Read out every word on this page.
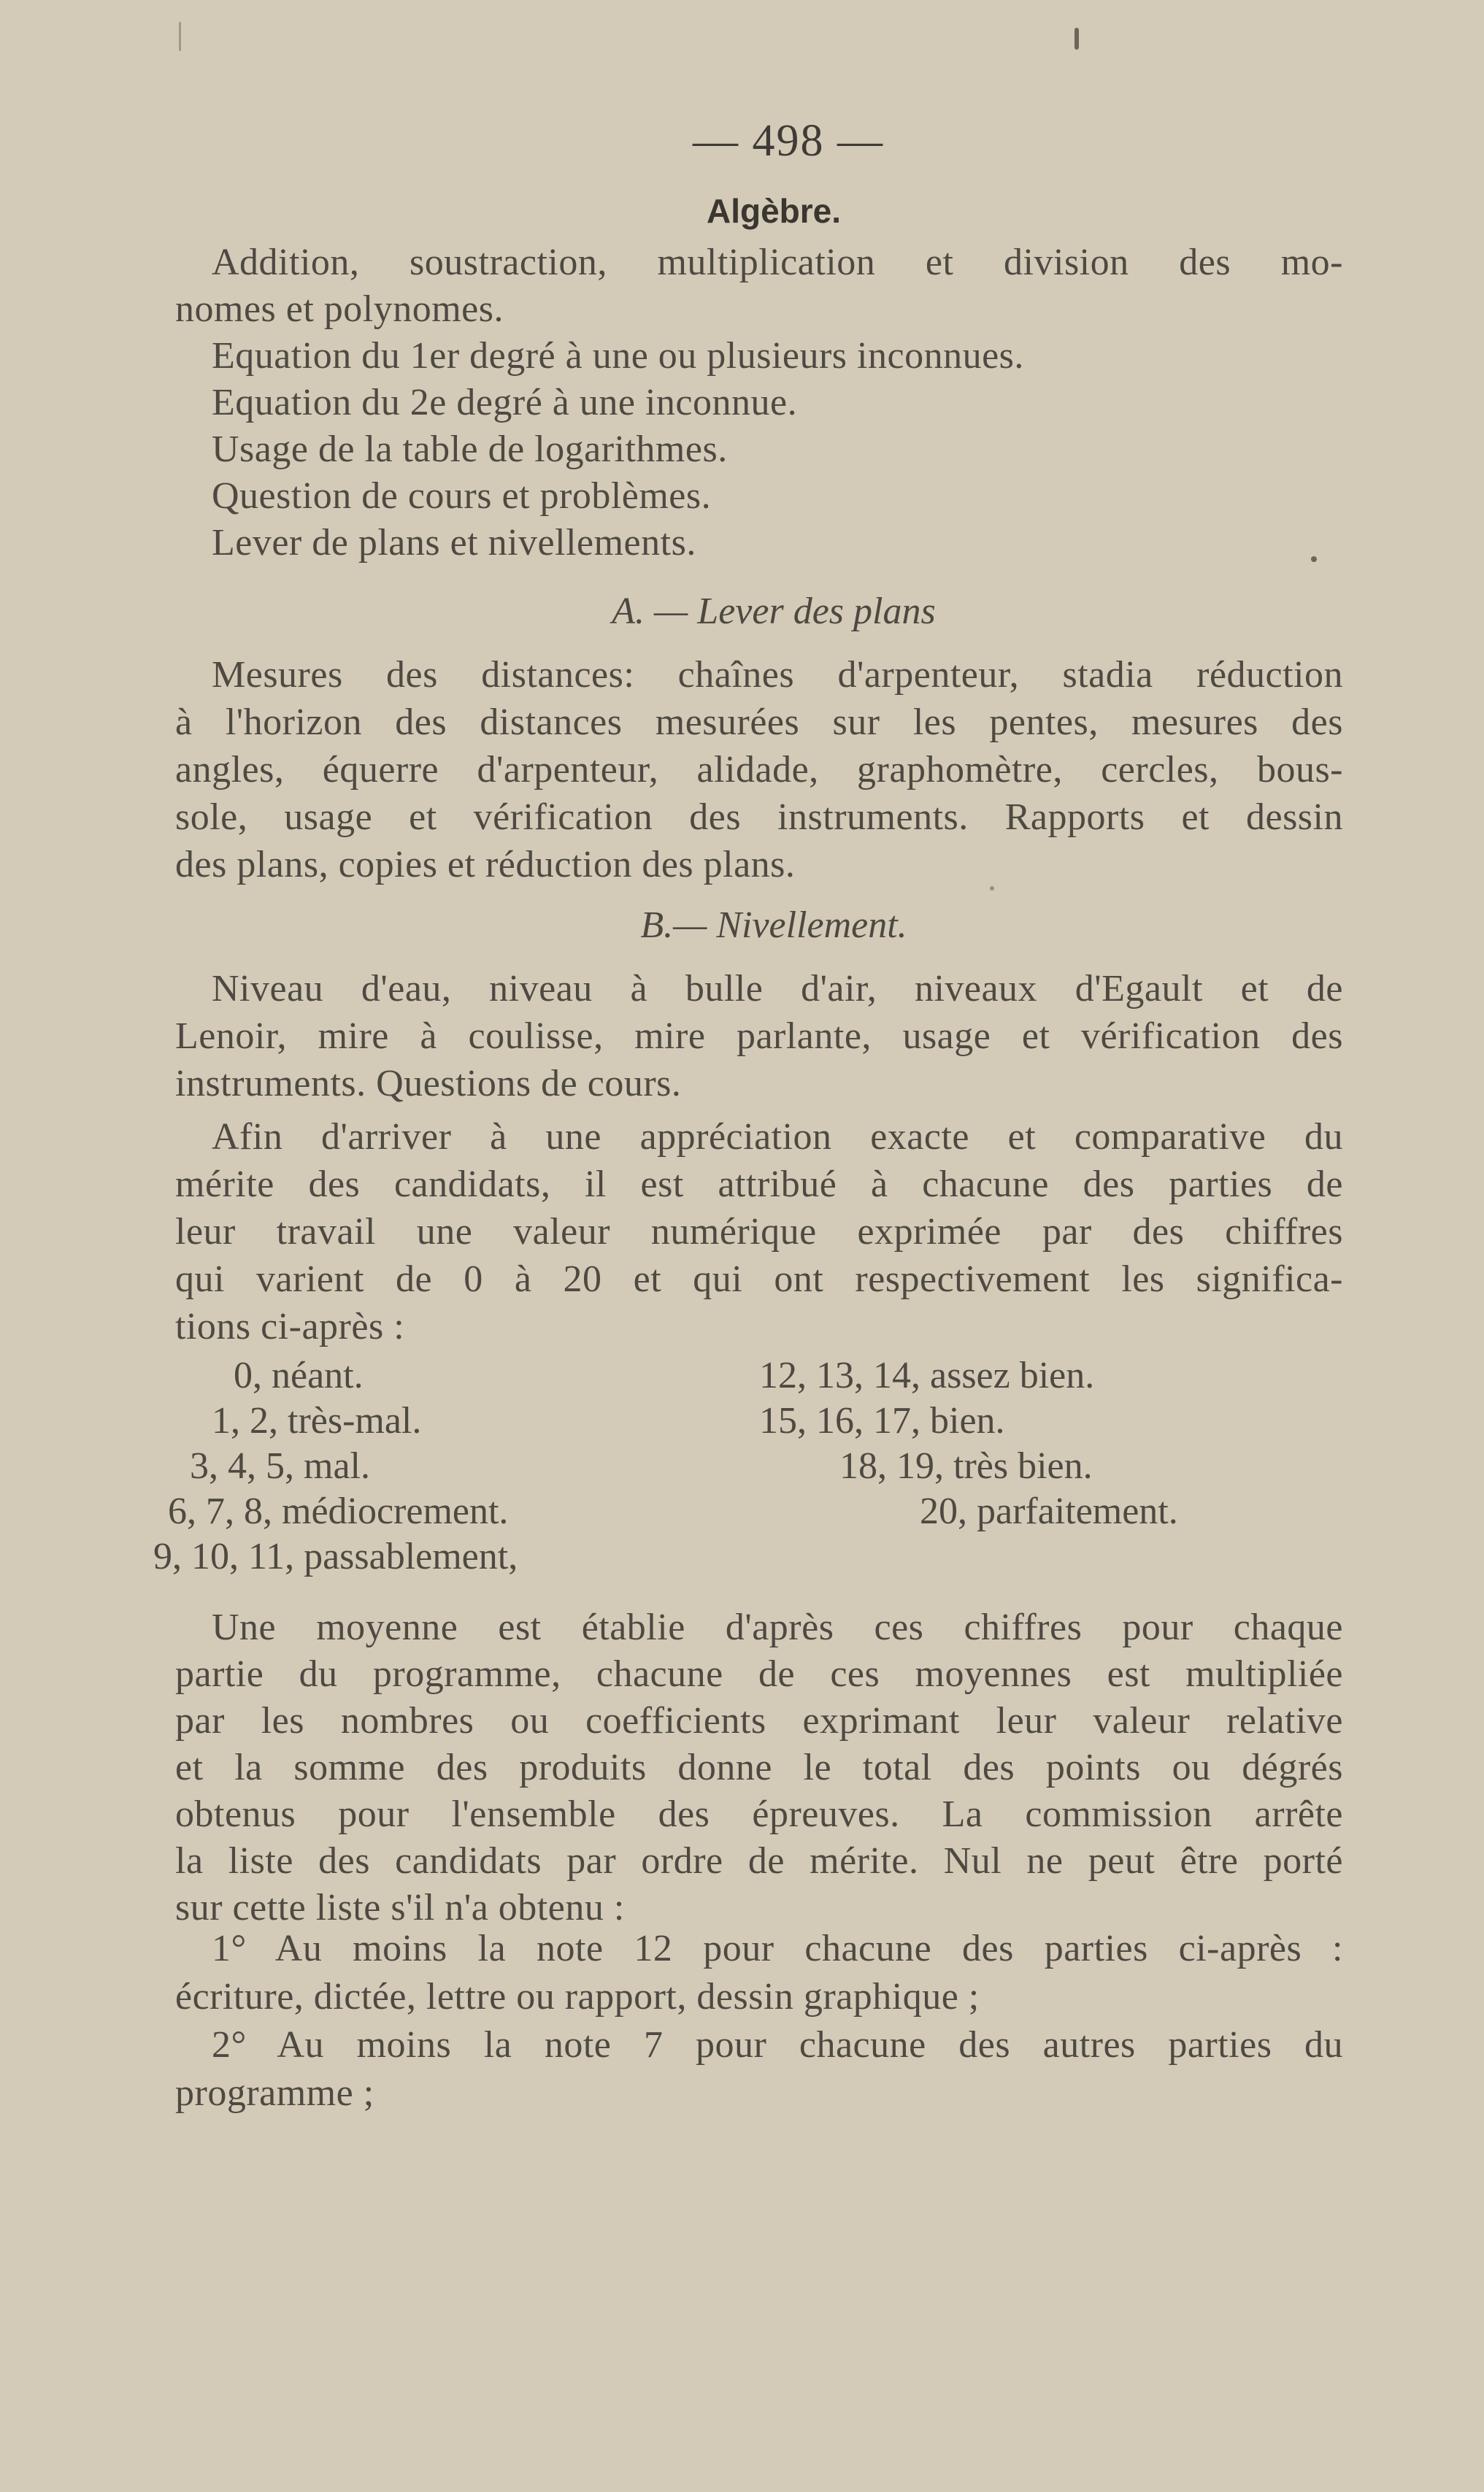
— 498 —
Algèbre.
Addition, soustraction, multiplication et division des mo-
nomes et polynomes.
Equation du 1er degré à une ou plusieurs inconnues.
Equation du 2e degré à une inconnue.
Usage de la table de logarithmes.
Question de cours et problèmes.
Lever de plans et nivellements.
A. — Lever des plans
Mesures des distances: chaînes d'arpenteur, stadia réduction
à l'horizon des distances mesurées sur les pentes, mesures des
angles, équerre d'arpenteur, alidade, graphomètre, cercles, bous-
sole, usage et vérification des instruments. Rapports et dessin
des plans, copies et réduction des plans.
B.— Nivellement.
Niveau d'eau, niveau à bulle d'air, niveaux d'Egault et de
Lenoir, mire à coulisse, mire parlante, usage et vérification des
instruments. Questions de cours.
Afin d'arriver à une appréciation exacte et comparative du
mérite des candidats, il est attribué à chacune des parties de
leur travail une valeur numérique exprimée par des chiffres
qui varient de 0 à 20 et qui ont respectivement les significa-
tions ci-après :
0, néant.
1, 2, très-mal.
3, 4, 5, mal.
6, 7, 8, médiocrement.
9, 10, 11, passablement,
12, 13, 14, assez bien.
15, 16, 17, bien.
18, 19, très bien.
20, parfaitement.
Une moyenne est établie d'après ces chiffres pour chaque
partie du programme, chacune de ces moyennes est multipliée
par les nombres ou coefficients exprimant leur valeur relative
et la somme des produits donne le total des points ou dégrés
obtenus pour l'ensemble des épreuves. La commission arrête
la liste des candidats par ordre de mérite. Nul ne peut être porté
sur cette liste s'il n'a obtenu :
1° Au moins la note 12 pour chacune des parties ci-après :
écriture, dictée, lettre ou rapport, dessin graphique ;
2° Au moins la note 7 pour chacune des autres parties du
programme ;
